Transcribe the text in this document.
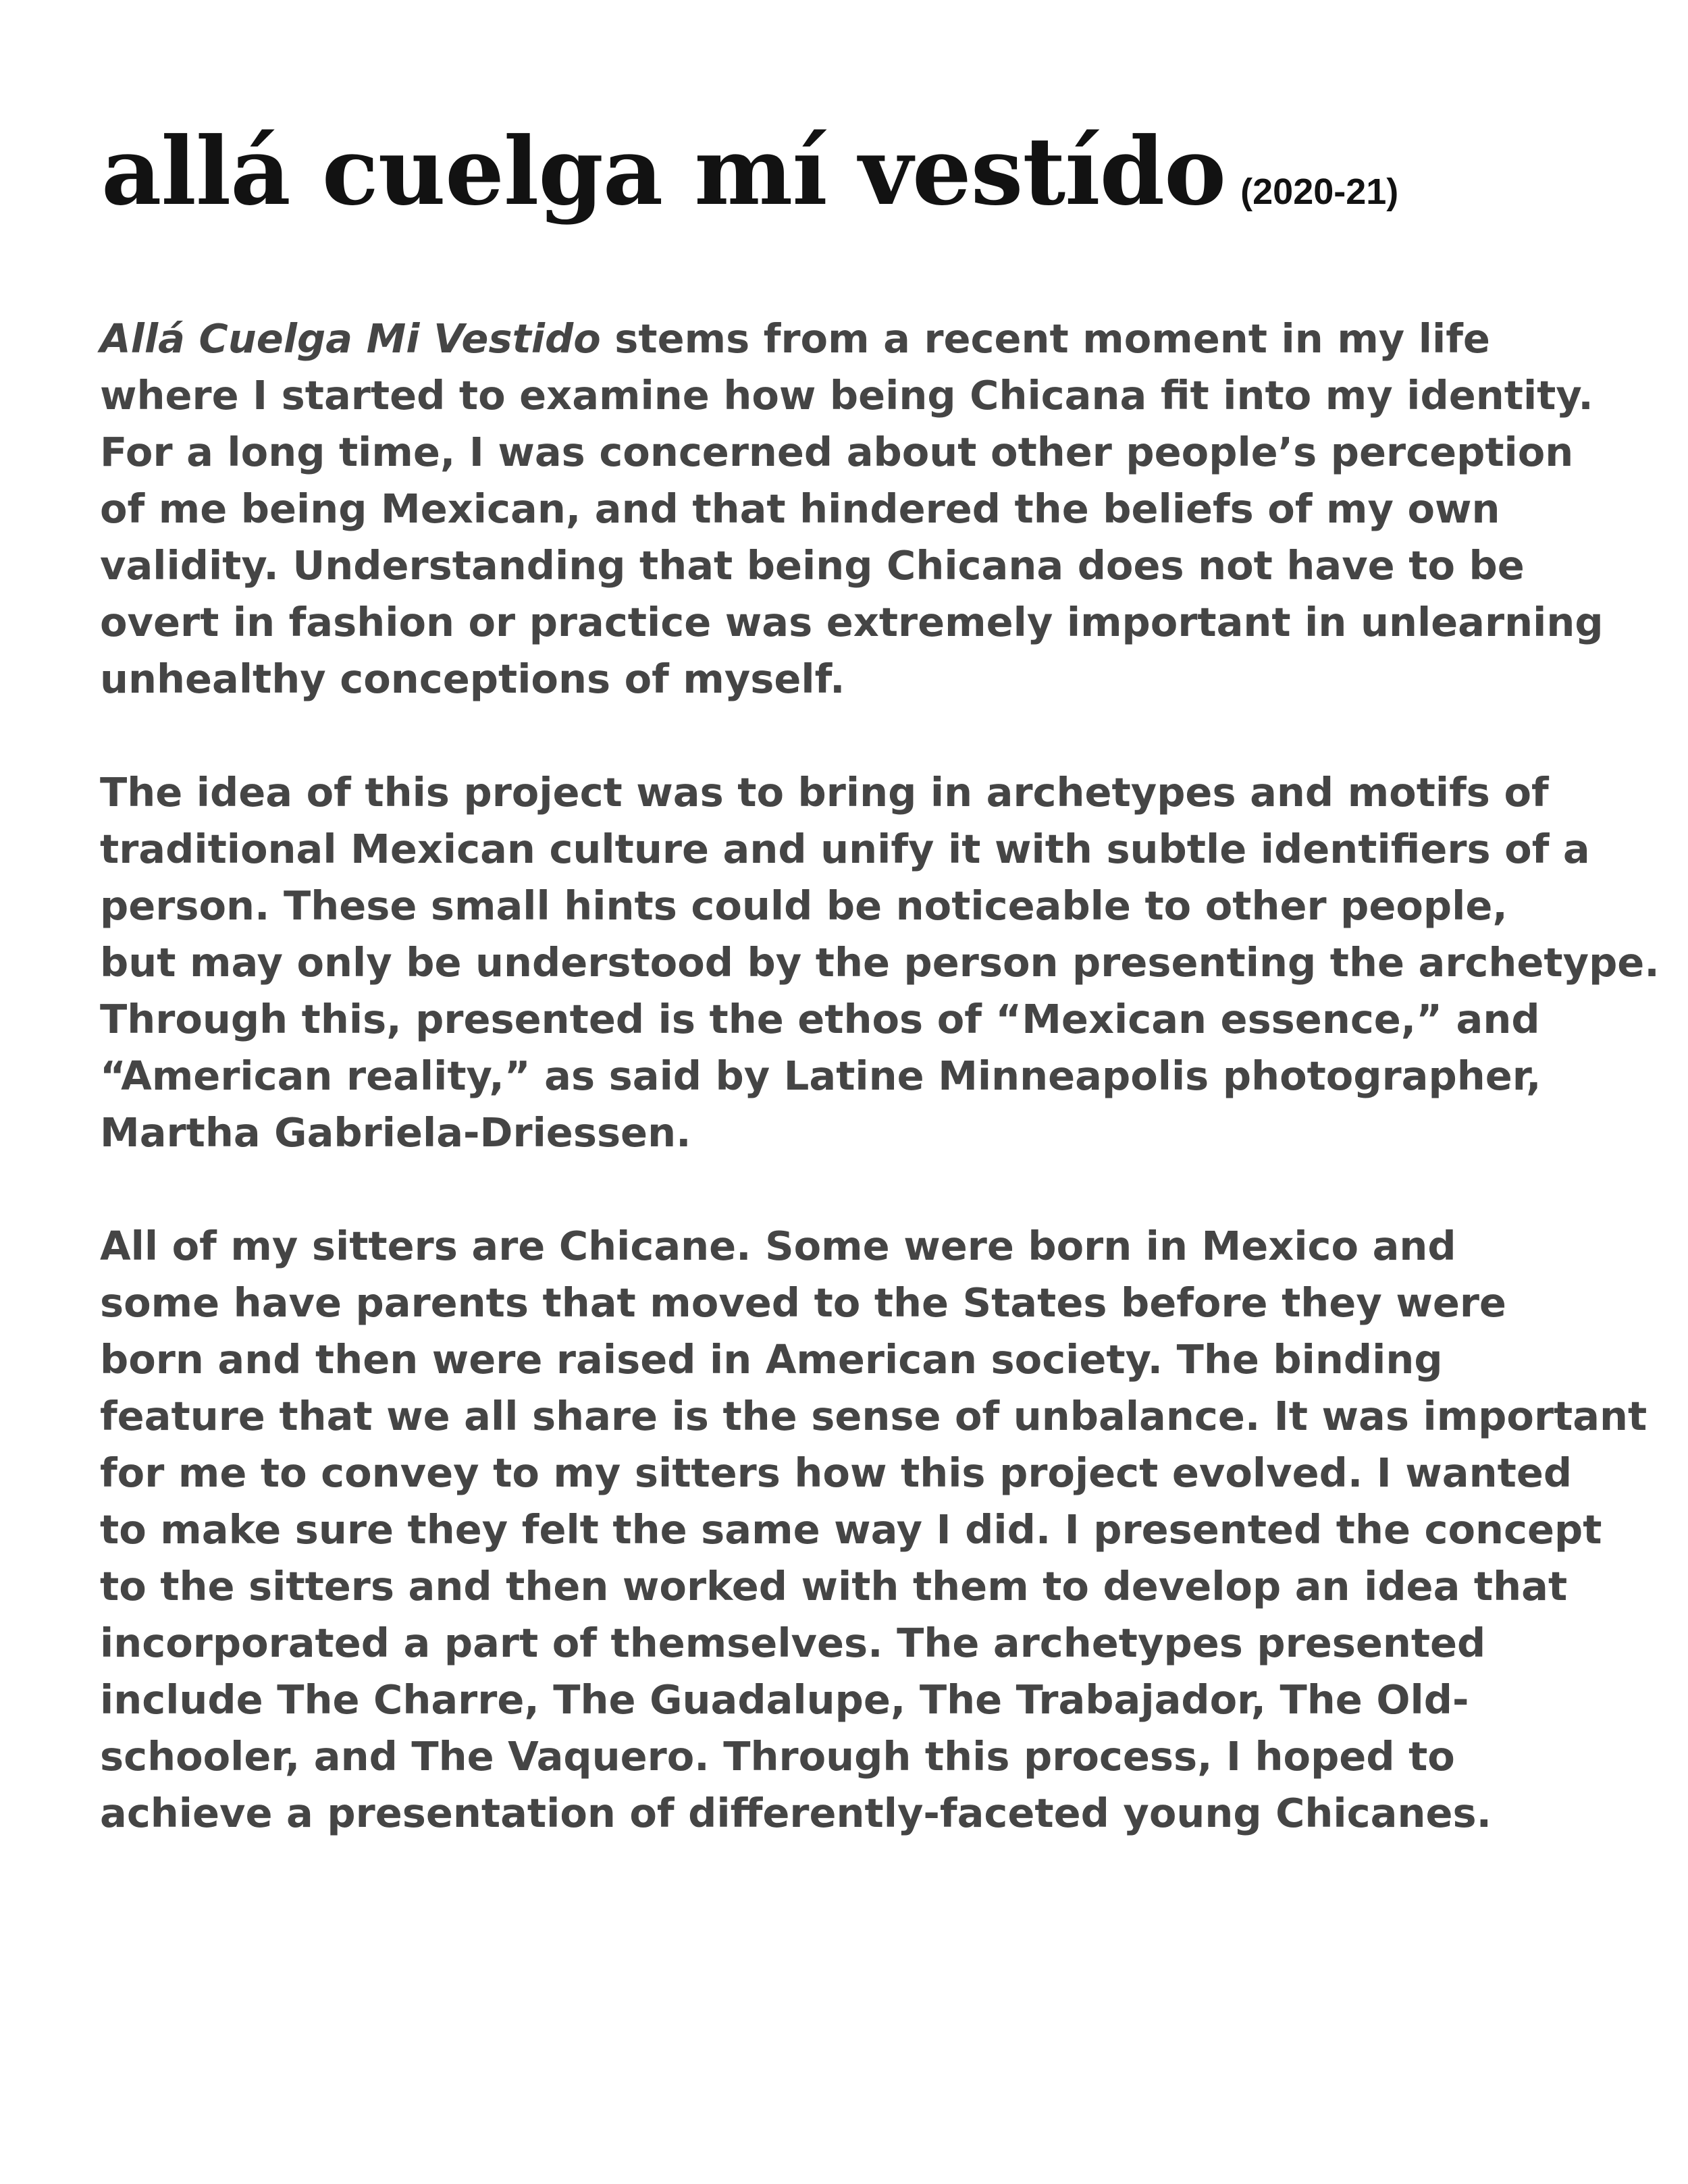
allá cuelga mí vestído (2020-21)
Allá Cuelga Mi Vestido stems from a recent moment in my life
where I started to examine how being Chicana fit into my identity.
For a long time, I was concerned about other people’s perception
of me being Mexican, and that hindered the beliefs of my own
validity. Understanding that being Chicana does not have to be
overt in fashion or practice was extremely important in unlearning
unhealthy conceptions of myself.
The idea of this project was to bring in archetypes and motifs of
traditional Mexican culture and unify it with subtle identifiers of a
person. These small hints could be noticeable to other people,
but may only be understood by the person presenting the archetype.
Through this, presented is the ethos of “Mexican essence,” and
“American reality,” as said by Latine Minneapolis photographer,
Martha Gabriela-Driessen.
All of my sitters are Chicane. Some were born in Mexico and
some have parents that moved to the States before they were
born and then were raised in American society. The binding
feature that we all share is the sense of unbalance. It was important
for me to convey to my sitters how this project evolved. I wanted
to make sure they felt the same way I did. I presented the concept
to the sitters and then worked with them to develop an idea that
incorporated a part of themselves. The archetypes presented
include The Charre, The Guadalupe, The Trabajador, The Old-
schooler, and The Vaquero. Through this process, I hoped to
achieve a presentation of differently-faceted young Chicanes.
